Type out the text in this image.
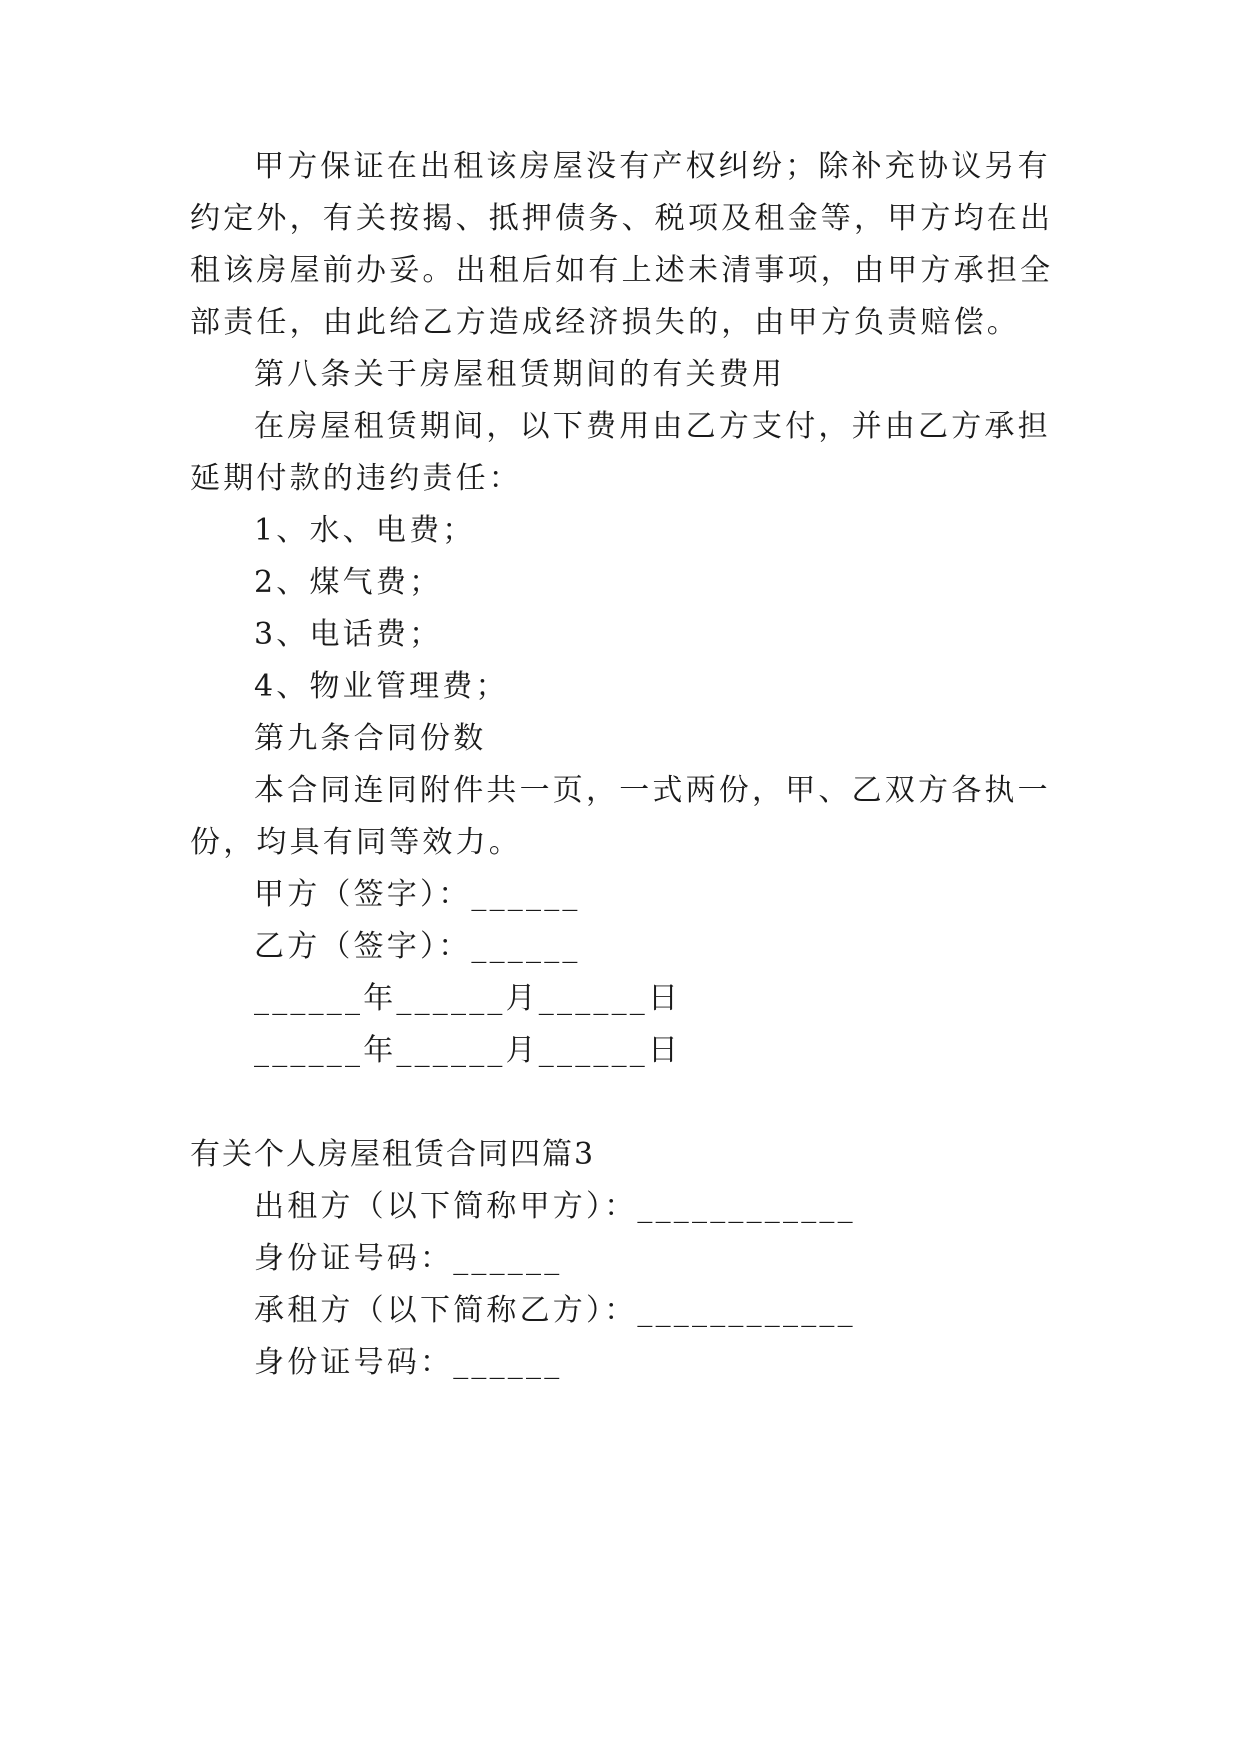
甲方保证在出租该房屋没有产权纠纷；除补充协议另有
约定外，有关按揭、抵押债务、税项及租金等，甲方均在出
租该房屋前办妥。出租后如有上述未清事项，由甲方承担全
部责任，由此给乙方造成经济损失的，由甲方负责赔偿。
第八条关于房屋租赁期间的有关费用
在房屋租赁期间，以下费用由乙方支付，并由乙方承担
延期付款的违约责任：
1、水、电费；
2、煤气费；
3、电话费；
4、物业管理费；
第九条合同份数
本合同连同附件共一页，一式两份，甲、乙双方各执一
份，均具有同等效力。
甲方（签字）：______
乙方（签字）：______
______年______月______日
______年______月______日
有关个人房屋租赁合同四篇3
出租方（以下简称甲方）：____________
身份证号码：______
承租方（以下简称乙方）：____________
身份证号码：______
